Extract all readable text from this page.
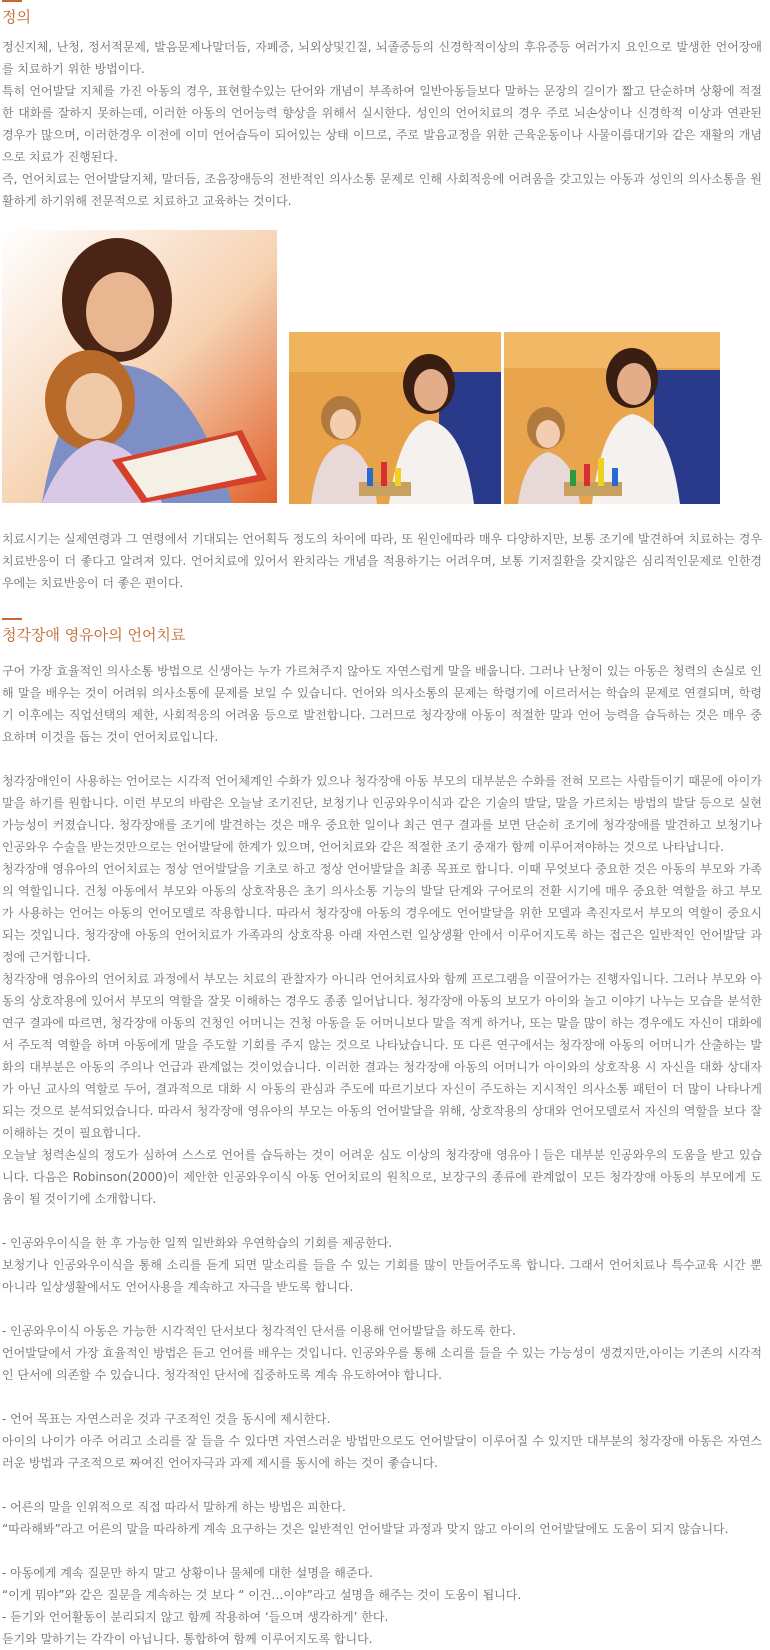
정의

정신지체, 난청, 정서적문제, 발음문제나말더듬, 자폐증, 뇌외상및긴질, 뇌졸증등의 신경학적이상의 후유증등 여러가지 요인으로 발생한 언어장애를 치료하기 위한 방법이다.

특히 언어발달 지체를 가진 아동의 경우, 표현할수있는 단어와 개념이 부족하여 일반아동들보다 말하는 문장의 길이가 짧고 단순하며 상황에 적절한 대화를 잘하지 못하는데, 이러한 아동의 언어능력 향상을 위해서 실시한다. 성인의 언어치료의 경우 주로 뇌손상이나 신경학적 이상과 연관된 경우가 많으며, 이러한경우 이전에 이미 언어습득이 되어있는 상태 이므로, 주로 발음교정을 위한 근육운동이나 사물이름대기와 같은 재활의 개념으로 치료가 진행된다.

즉, 언어치료는 언어발달지체, 말더듬, 조음장애등의 전반적인 의사소통 문제로 인해 사회적응에 어려움을 갖고있는 아동과 성인의 의사소통을 원활하게 하기위해 전문적으로 치료하고 교육하는 것이다.

치료시기는 실제연령과 그 연령에서 기대되는 언어획득 정도의 차이에 따라, 또 원인에따라 매우 다양하지만, 보통 조기에 발견하여 치료하는 경우 치료반응이 더 좋다고 알려져 있다. 언어치료에 있어서 완치라는 개념을 적용하기는 어려우며, 보통 기저질환을 갖지않은 심리적인문제로 인한경우에는 치료반응이 더 좋은 편이다.

청각장애 영유아의 언어치료

구어 가장 효율적인 의사소통 방법으로 신생아는 누가 가르쳐주지 않아도 자연스럽게 말을 배웁니다. 그러나 난청이 있는 아동은 청력의 손실로 인해 말을 배우는 것이 어려워 의사소통에 문제를 보일 수 있습니다. 언어와 의사소통의 문제는 학령기에 이르러서는 학습의 문제로 연결되며, 학령기 이후에는 직업선택의 제한, 사회적응의 어려움 등으로 발전합니다. 그러므로 청각장애 아동이 적절한 말과 언어 능력을 습득하는 것은 매우 중요하며 이것을 돕는 것이 언어치료입니다.

청각장애인이 사용하는 언어로는 시각적 언어체계인 수화가 있으나 청각장애 아동 부모의 대부분은 수화를 전혀 모르는 사람들이기 때문에 아이가 말을 하기를 원합니다. 이런 부모의 바람은 오늘날 조기진단, 보청기나 인공와우이식과 같은 기술의 발달, 말을 가르치는 방법의 발달 등으로 실현 가능성이 커졌습니다. 청각장애를 조기에 발견하는 것은 매우 중요한 일이나 최근 연구 결과를 보면 단순히 조기에 청각장애를 발견하고 보청기나 인공와우 수술을 받는것만으로는 언어발달에 한계가 있으며, 언어치료와 같은 적절한 조기 중재가 함께 이루어져야하는 것으로 나타납니다.

청각장애 영유아의 언어치료는 정상 언어발달을 기초로 하고 정상 언어발달을 최종 목표로 합니다. 이때 무엇보다 중요한 것은 아동의 부모와 가족의 역할입니다. 건청 아동에서 부모와 아동의 상호작용은 초기 의사소통 기능의 발달 단계와 구어로의 전환 시기에 매우 중요한 역할을 하고 부모가 사용하는 언어는 아동의 언어모델로 작용합니다. 따라서 청각장애 아동의 경우에도 언어발달을 위한 모델과 촉진자로서 부모의 역할이 중요시되는 것입니다. 청각장애 아동의 언어치료가 가족과의 상호작용 아래 자연스런 일상생활 안에서 이루어지도록 하는 접근은 일반적인 언어발달 과정에 근거합니다.

청각장애 영유아의 언어치료 과정에서 부모는 치료의 관찰자가 아니라 언어치료사와 함께 프로그램을 이끌어가는 진행자입니다. 그러나 부모와 아동의 상호작용에 있어서 부모의 역할을 잘못 이해하는 경우도 종종 일어납니다. 청각장애 아동의 보모가 아이와 놀고 이야기 나누는 모습을 분석한 연구 결과에 따르면, 청각장애 아동의 건청인 어머니는 건청 아동을 둔 어머니보다 말을 적게 하거나, 또는 말을 많이 하는 경우에도 자신이 대화에서 주도적 역할을 하며 아동에게 말을 주도할 기회를 주지 않는 것으로 나타났습니다. 또 다른 연구에서는 청각장애 아동의 어머니가 산출하는 발화의 대부분은 아동의 주의나 언급과 관계없는 것이었습니다. 이러한 결과는 청각장애 아동의 어머니가 아이와의 상호작용 시 자신을 대화 상대자가 아닌 교사의 역할로 두어, 결과적으로 대화 시 아동의 관심과 주도에 따르기보다 자신이 주도하는 지시적인 의사소통 패턴이 더 많이 나타나게 되는 것으로 분석되었습니다. 따라서 청각장애 영유아의 부모는 아동의 언어발달을 위해, 상호작용의 상대와 언어모델로서 자신의 역할을 보다 잘 이해하는 것이 필요합니다.

오늘날 청력손실의 정도가 심하여 스스로 언어를 습득하는 것이 어려운 심도 이상의 청각장애 영유아ㅣ들은 대부분 인공와우의 도움을 받고 있습니다. 다음은 Robinson(2000)이 제안한 인공와우이식 아동 언어치료의 원칙으로, 보장구의 종류에 관계없이 모든 청각장애 아동의 부모에게 도움이 될 것이기에 소개합니다.

- 인공와우이식을 한 후 가능한 일찍 일반화와 우연학습의 기회를 제공한다.

보청기나 인공와우이식을 통해 소리를 듣게 되면 말소리를 들을 수 있는 기회를 많이 만들어주도록 합니다. 그래서 언어치료나 특수교육 시간 뿐 아니라 일상생활에서도 언어사용을 계속하고 자극을 받도록 합니다.

- 인공와우이식 아동은 가능한 시각적인 단서보다 청각적인 단서를 이용해 언어발달을 하도록 한다.

언어발달에서 가장 효율적인 방법은 듣고 언어를 배우는 것입니다. 인공와우를 통해 소리를 들을 수 있는 가능성이 생겼지만,아이는 기존의 시각적인 단서에 의존할 수 있습니다. 청각적인 단서에 집중하도록 계속 유도하여야 합니다.

- 언어 목표는 자연스러운 것과 구조적인 것을 동시에 제시한다.

아이의 나이가 아주 어리고 소리를 잘 들을 수 있다면 자연스러운 방법만으로도 언어발달이 이루어질 수 있지만 대부분의 청각장애 아동은 자연스러운 방법과 구조적으로 짜여진 언어자극과 과제 제시를 동시에 하는 것이 좋습니다.

- 어른의 말을 인위적으로 직접 따라서 말하게 하는 방법은 피한다.

“따라해봐”라고 어른의 말을 따라하게 계속 요구하는 것은 일반적인 언어발달 과정과 맞지 않고 아이의 언어발달에도 도움이 되지 않습니다.

- 아동에게 계속 질문만 하지 말고 상황이나 물체에 대한 설명을 해준다.

“이게 뭐야”와 같은 질문을 계속하는 것 보다 “ 이건…이야”라고 설명을 해주는 것이 도움이 됩니다.

- 듣기와 언어활동이 분리되지 않고 함께 작용하여 ‘들으며 생각하게’ 한다.

듣기와 말하기는 각각이 아닙니다. 통합하여 함께 이루어지도록 합니다.
